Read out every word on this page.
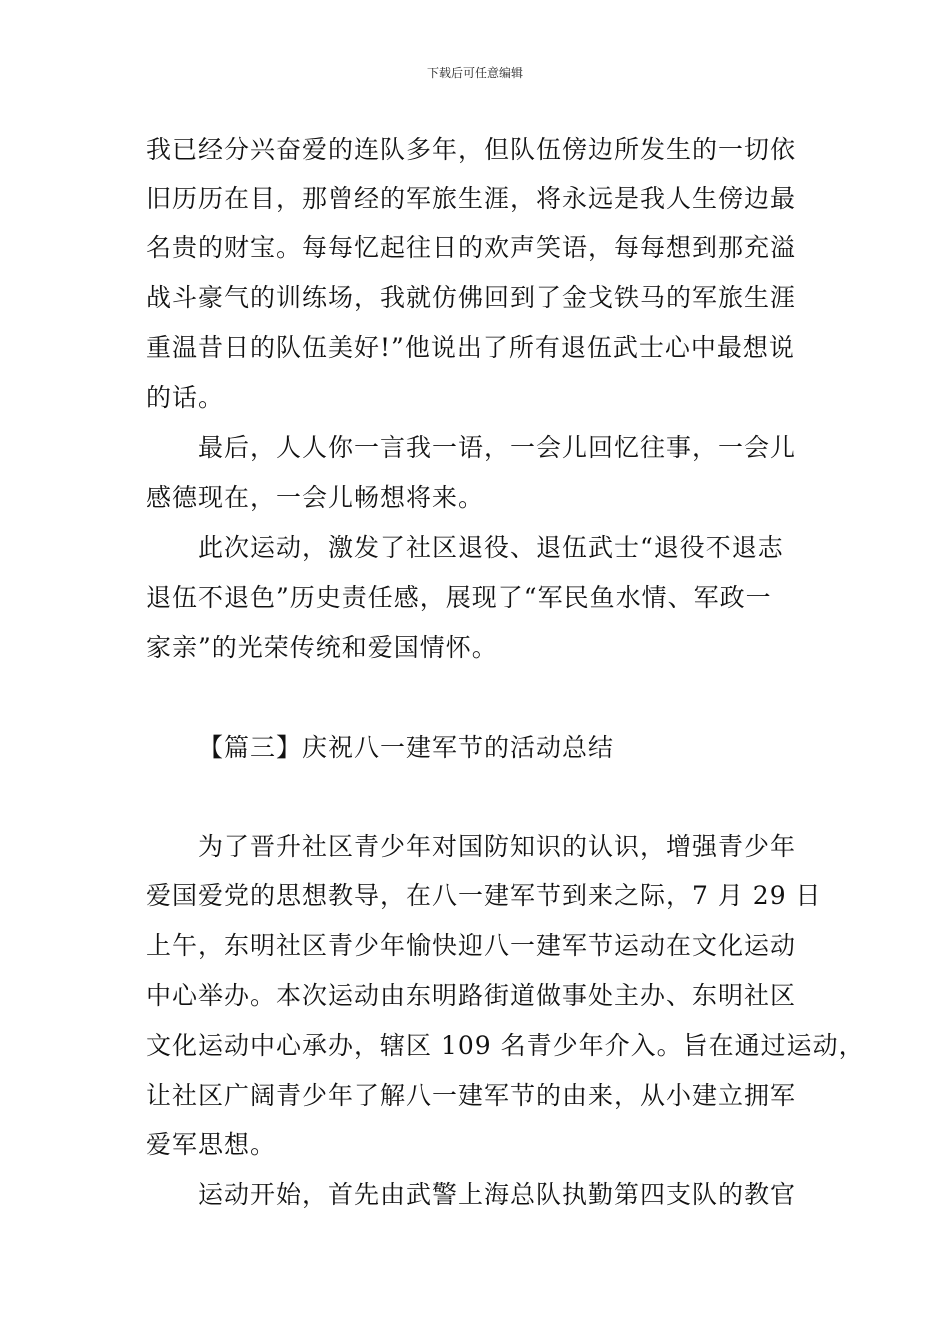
下载后可任意编辑
我已经分兴奋爱的连队多年，但队伍傍边所发生的一切依
旧历历在目，那曾经的军旅生涯，将永远是我人生傍边最
名贵的财宝。每每忆起往日的欢声笑语，每每想到那充溢
战斗豪气的训练场，我就仿佛回到了金戈铁马的军旅生涯
重温昔日的队伍美好!”他说出了所有退伍武士心中最想说
的话。
最后，人人你一言我一语，一会儿回忆往事，一会儿
感德现在，一会儿畅想将来。
此次运动，激发了社区退役、退伍武士“退役不退志
退伍不退色”历史责任感，展现了“军民鱼水情、军政一
家亲”的光荣传统和爱国情怀。
【篇三】庆祝八一建军节的活动总结
为了晋升社区青少年对国防知识的认识，增强青少年
爱国爱党的思想教导，在八一建军节到来之际，7 月 29 日
上午，东明社区青少年愉快迎八一建军节运动在文化运动
中心举办。本次运动由东明路街道做事处主办、东明社区
文化运动中心承办，辖区 109 名青少年介入。旨在通过运动，
让社区广阔青少年了解八一建军节的由来，从小建立拥军
爱军思想。
运动开始，首先由武警上海总队执勤第四支队的教官
